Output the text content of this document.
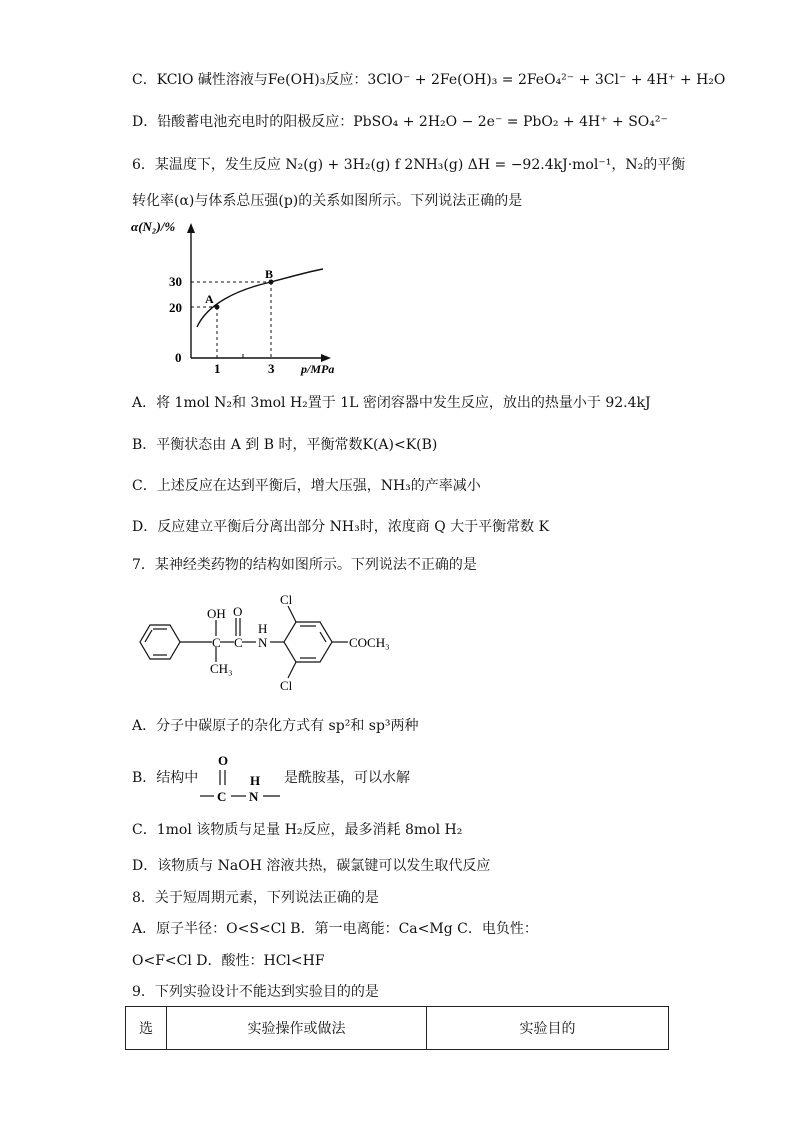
C．KClO 碱性溶液与Fe(OH)₃反应：3ClO⁻ + 2Fe(OH)₃ = 2FeO₄²⁻ + 3Cl⁻ + 4H⁺ + H₂O
D．铅酸蓄电池充电时的阳极反应：PbSO₄ + 2H₂O − 2e⁻ = PbO₂ + 4H⁺ + SO₄²⁻
6．某温度下，发生反应 N₂(g) + 3H₂(g) f 2NH₃(g) ΔH = −92.4kJ·mol⁻¹，N₂的平衡
转化率(α)与体系总压强(p)的关系如图所示。下列说法正确的是
α(N₂)/%
0
20
30
A
B
1	3 p/MPa
A．将 1mol N₂和 3mol H₂置于 1L 密闭容器中发生反应，放出的热量小于 92.4kJ
B．平衡状态由 A 到 B 时，平衡常数K(A)<K(B)
C．上述反应在达到平衡后，增大压强，NH₃的产率减小
D．反应建立平衡后分离出部分 NH₃时，浓度商 Q 大于平衡常数 K
7．某神经类药物的结构如图所示。下列说法不正确的是
OH
C
CH₃
O
C
H
N
Cl
Cl
COCH₃
A．分子中碳原子的杂化方式有 sp²和 sp³两种
B．结构中
O
C
H
N
是酰胺基，可以水解
C．1mol 该物质与足量 H₂反应，最多消耗 8mol H₂
D．该物质与 NaOH 溶液共热，碳氯键可以发生取代反应
8．关于短周期元素，下列说法正确的是
A．原子半径：O<S<Cl B．第一电离能：Ca<Mg C．电负性：
O<F<Cl D．酸性：HCl<HF
9．下列实验设计不能达到实验目的的是
选	实验操作或做法	实验目的
